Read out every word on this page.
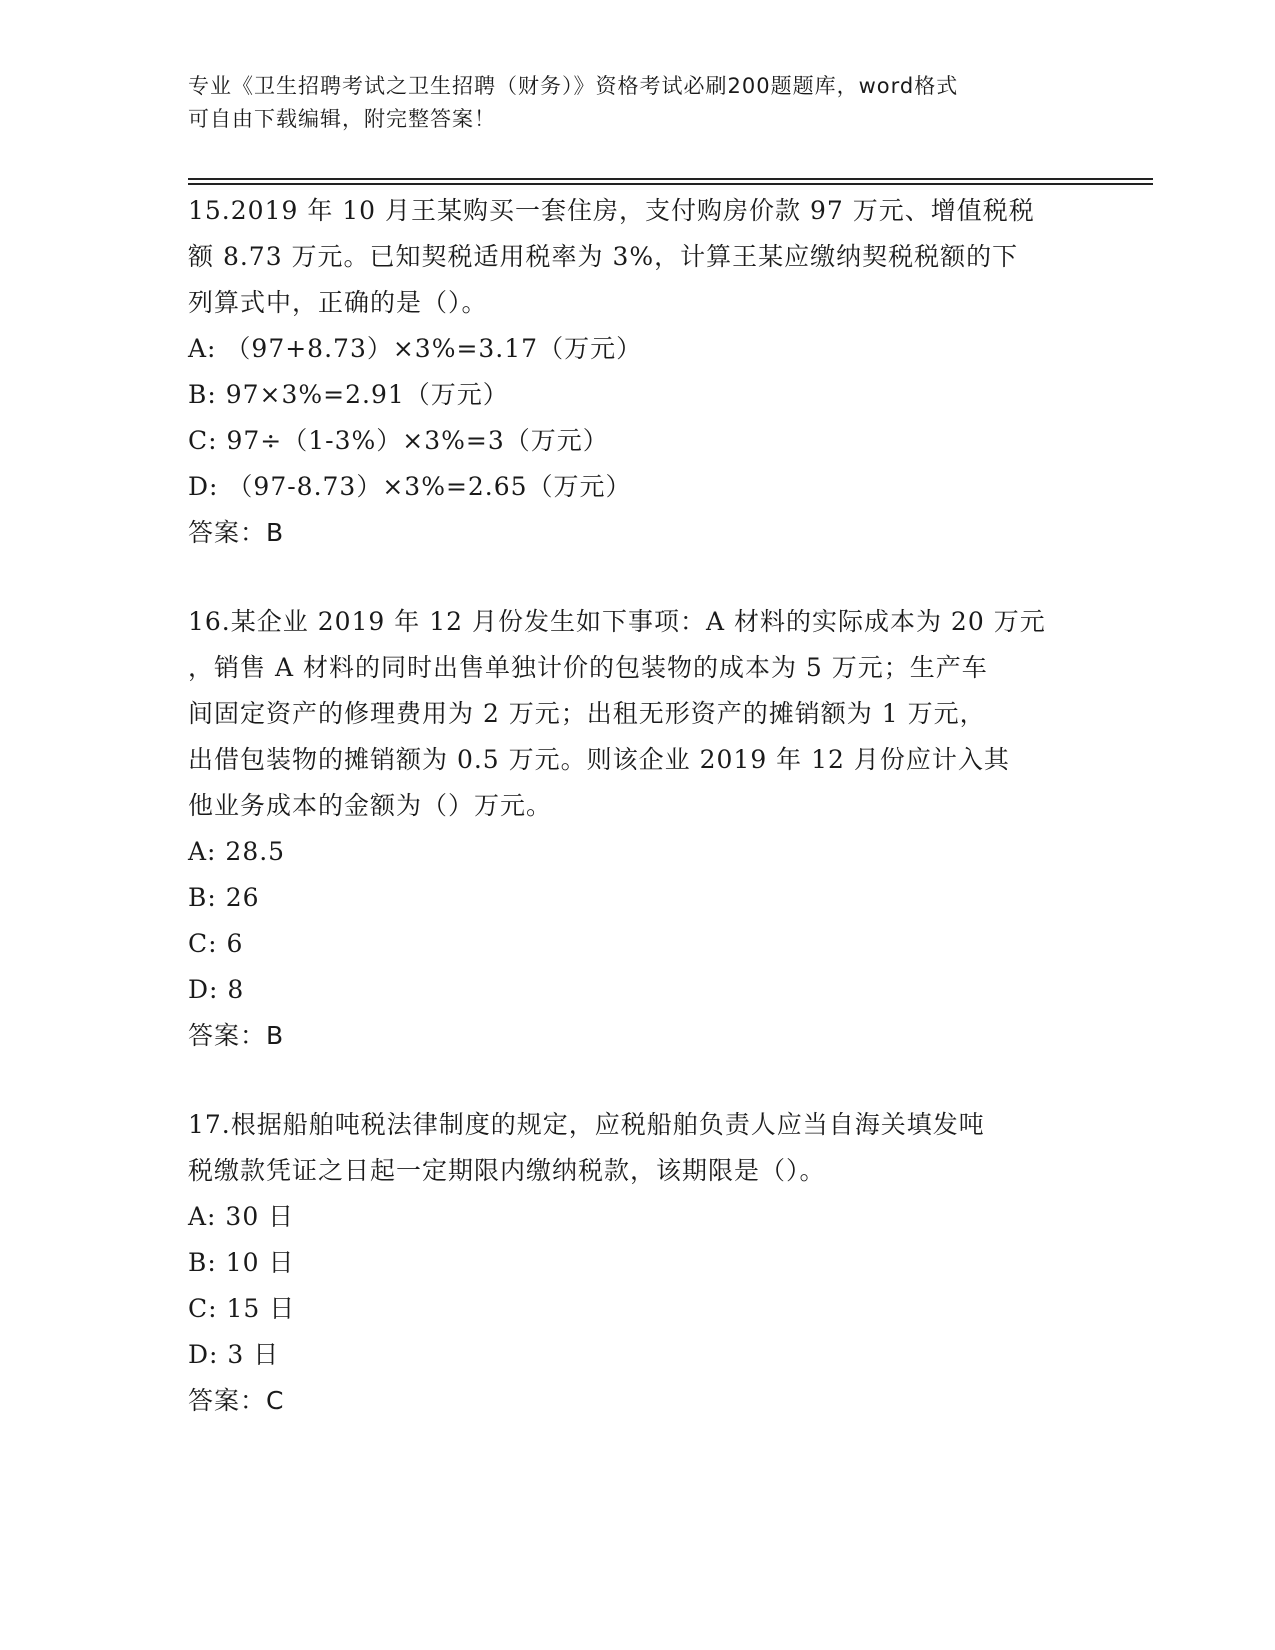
专业《卫生招聘考试之卫生招聘（财务）》资格考试必刷200题题库，word格式
可自由下载编辑，附完整答案！
15.2019 年 10 月王某购买一套住房，支付购房价款 97 万元、增值税税
额 8.73 万元。已知契税适用税率为 3%，计算王某应缴纳契税税额的下
列算式中，正确的是（）。
A: （97+8.73）×3%=3.17（万元）
B: 97×3%=2.91（万元）
C: 97÷（1-3%）×3%=3（万元）
D: （97-8.73）×3%=2.65（万元）
答案：B
16.某企业 2019 年 12 月份发生如下事项：A 材料的实际成本为 20 万元
，销售 A 材料的同时出售单独计价的包装物的成本为 5 万元；生产车
间固定资产的修理费用为 2 万元；出租无形资产的摊销额为 1 万元，
出借包装物的摊销额为 0.5 万元。则该企业 2019 年 12 月份应计入其
他业务成本的金额为（）万元。
A: 28.5
B: 26
C: 6
D: 8
答案：B
17.根据船舶吨税法律制度的规定，应税船舶负责人应当自海关填发吨
税缴款凭证之日起一定期限内缴纳税款，该期限是（）。
A: 30 日
B: 10 日
C: 15 日
D: 3 日
答案：C
